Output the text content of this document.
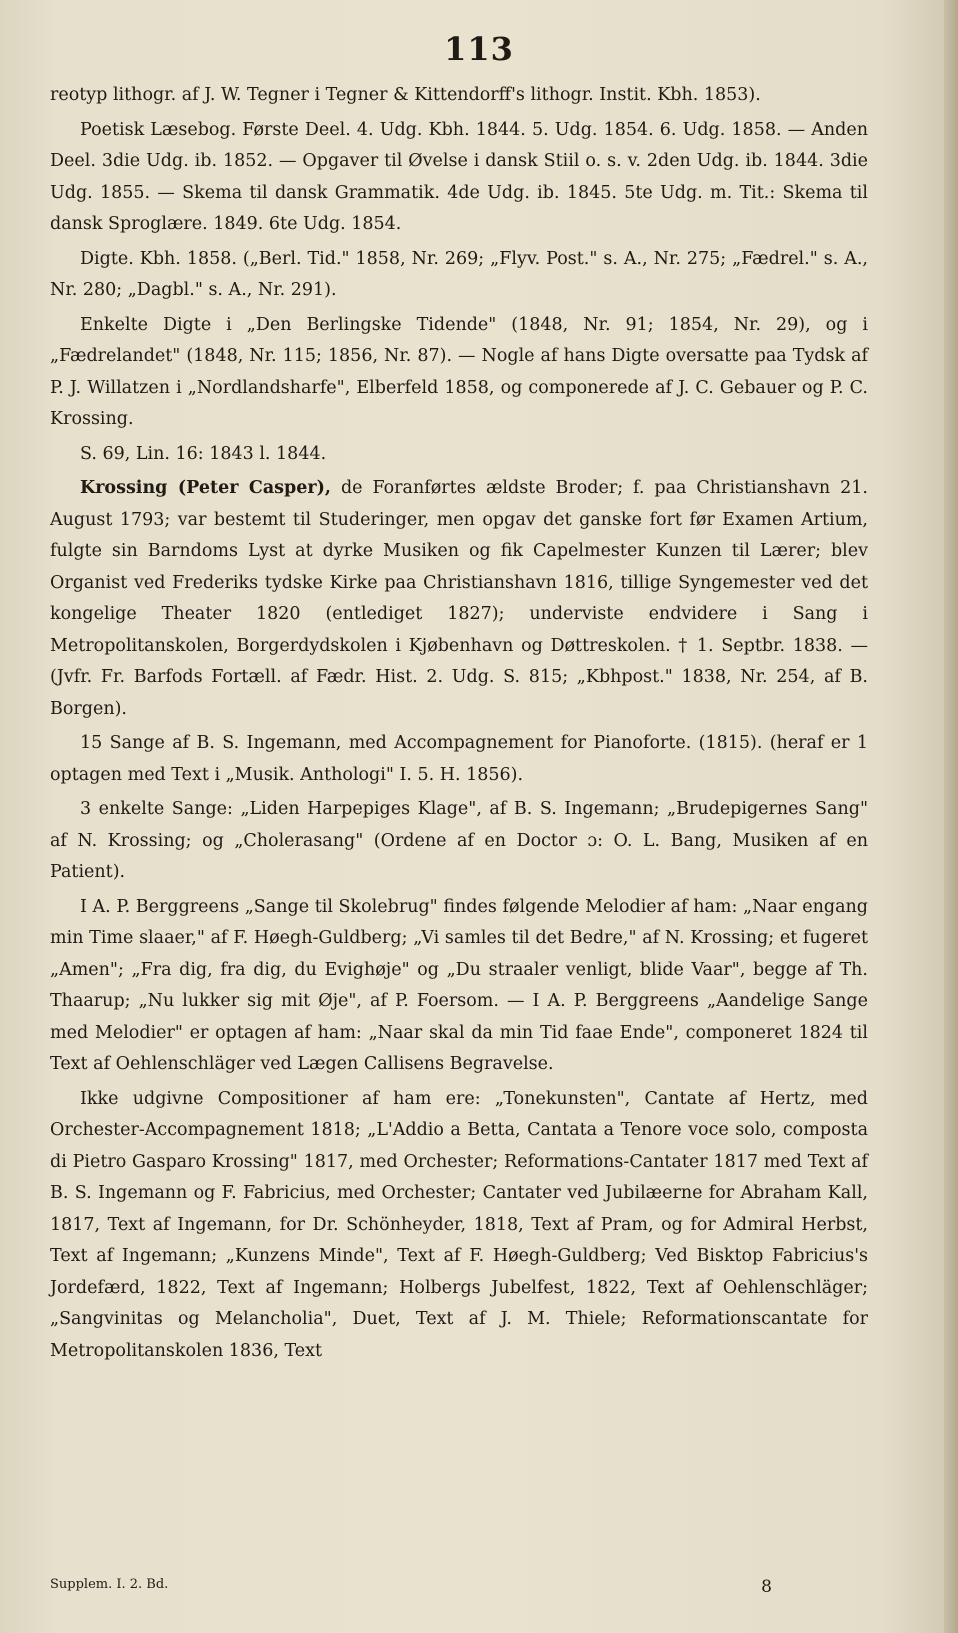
113

reotyp lithogr. af J. W. Tegner i Tegner & Kittendorff's lithogr. Instit. Kbh. 1853).

Poetisk Læsebog. Første Deel. 4. Udg. Kbh. 1844. 5. Udg. 1854. 6. Udg. 1858. — Anden Deel. 3die Udg. ib. 1852. — Opgaver til Øvelse i dansk Stiil o. s. v. 2den Udg. ib. 1844. 3die Udg. 1855. — Skema til dansk Grammatik. 4de Udg. ib. 1845. 5te Udg. m. Tit.: Skema til dansk Sproglære. 1849. 6te Udg. 1854.

Digte. Kbh. 1858. („Berl. Tid." 1858, Nr. 269; „Flyv. Post." s. A., Nr. 275; „Fædrel." s. A., Nr. 280; „Dagbl." s. A., Nr. 291).

Enkelte Digte i „Den Berlingske Tidende" (1848, Nr. 91; 1854, Nr. 29), og i „Fædrelandet" (1848, Nr. 115; 1856, Nr. 87). — Nogle af hans Digte oversatte paa Tydsk af P. J. Willatzen i „Nordlandsharfe", Elberfeld 1858, og componerede af J. C. Gebauer og P. C. Krossing.

S. 69, Lin. 16: 1843 l. 1844.

Krossing (Peter Casper), de Foranførtes ældste Broder; f. paa Christianshavn 21. August 1793; var bestemt til Studeringer, men opgav det ganske fort før Examen Artium, fulgte sin Barndoms Lyst at dyrke Musiken og fik Capelmester Kunzen til Lærer; blev Organist ved Frederiks tydske Kirke paa Christianshavn 1816, tillige Syngemester ved det kongelige Theater 1820 (entlediget 1827); underviste endvidere i Sang i Metropolitanskolen, Borgerdydskolen i Kjøbenhavn og Døttreskolen. † 1. Septbr. 1838. — (Jvfr. Fr. Barfods Fortæll. af Fædr. Hist. 2. Udg. S. 815; „Kbhpost." 1838, Nr. 254, af B. Borgen).

15 Sange af B. S. Ingemann, med Accompagnement for Pianoforte. (1815). (heraf er 1 optagen med Text i „Musik. Anthologi" I. 5. H. 1856).

3 enkelte Sange: „Liden Harpepiges Klage", af B. S. Ingemann; „Brudepigernes Sang" af N. Krossing; og „Cholerasang" (Ordene af en Doctor ɔ: O. L. Bang, Musiken af en Patient).

I A. P. Berggreens „Sange til Skolebrug" findes følgende Melodier af ham: „Naar engang min Time slaaer," af F. Høegh-Guldberg; „Vi samles til det Bedre," af N. Krossing; et fugeret „Amen"; „Fra dig, fra dig, du Evighøje" og „Du straaler venligt, blide Vaar", begge af Th. Thaarup; „Nu lukker sig mit Øje", af P. Foersom. — I A. P. Berggreens „Aandelige Sange med Melodier" er optagen af ham: „Naar skal da min Tid faae Ende", componeret 1824 til Text af Oehlenschläger ved Lægen Callisens Begravelse.

Ikke udgivne Compositioner af ham ere: „Tonekunsten", Cantate af Hertz, med Orchester-Accompagnement 1818; „L'Addio a Betta, Cantata a Tenore voce solo, composta di Pietro Gasparo Krossing" 1817, med Orchester; Reformations-Cantater 1817 med Text af B. S. Ingemann og F. Fabricius, med Orchester; Cantater ved Jubilæerne for Abraham Kall, 1817, Text af Ingemann, for Dr. Schönheyder, 1818, Text af Pram, og for Admiral Herbst, Text af Ingemann; „Kunzens Minde", Text af F. Høegh-Guldberg; Ved Bisktop Fabricius's Jordefærd, 1822, Text af Ingemann; Holbergs Jubelfest, 1822, Text af Oehlenschläger; „Sangvinitas og Melancholia", Duet, Text af J. M. Thiele; Reformationscantate for Metropolitanskolen 1836, Text

Supplem. I. 2. Bd.	8
